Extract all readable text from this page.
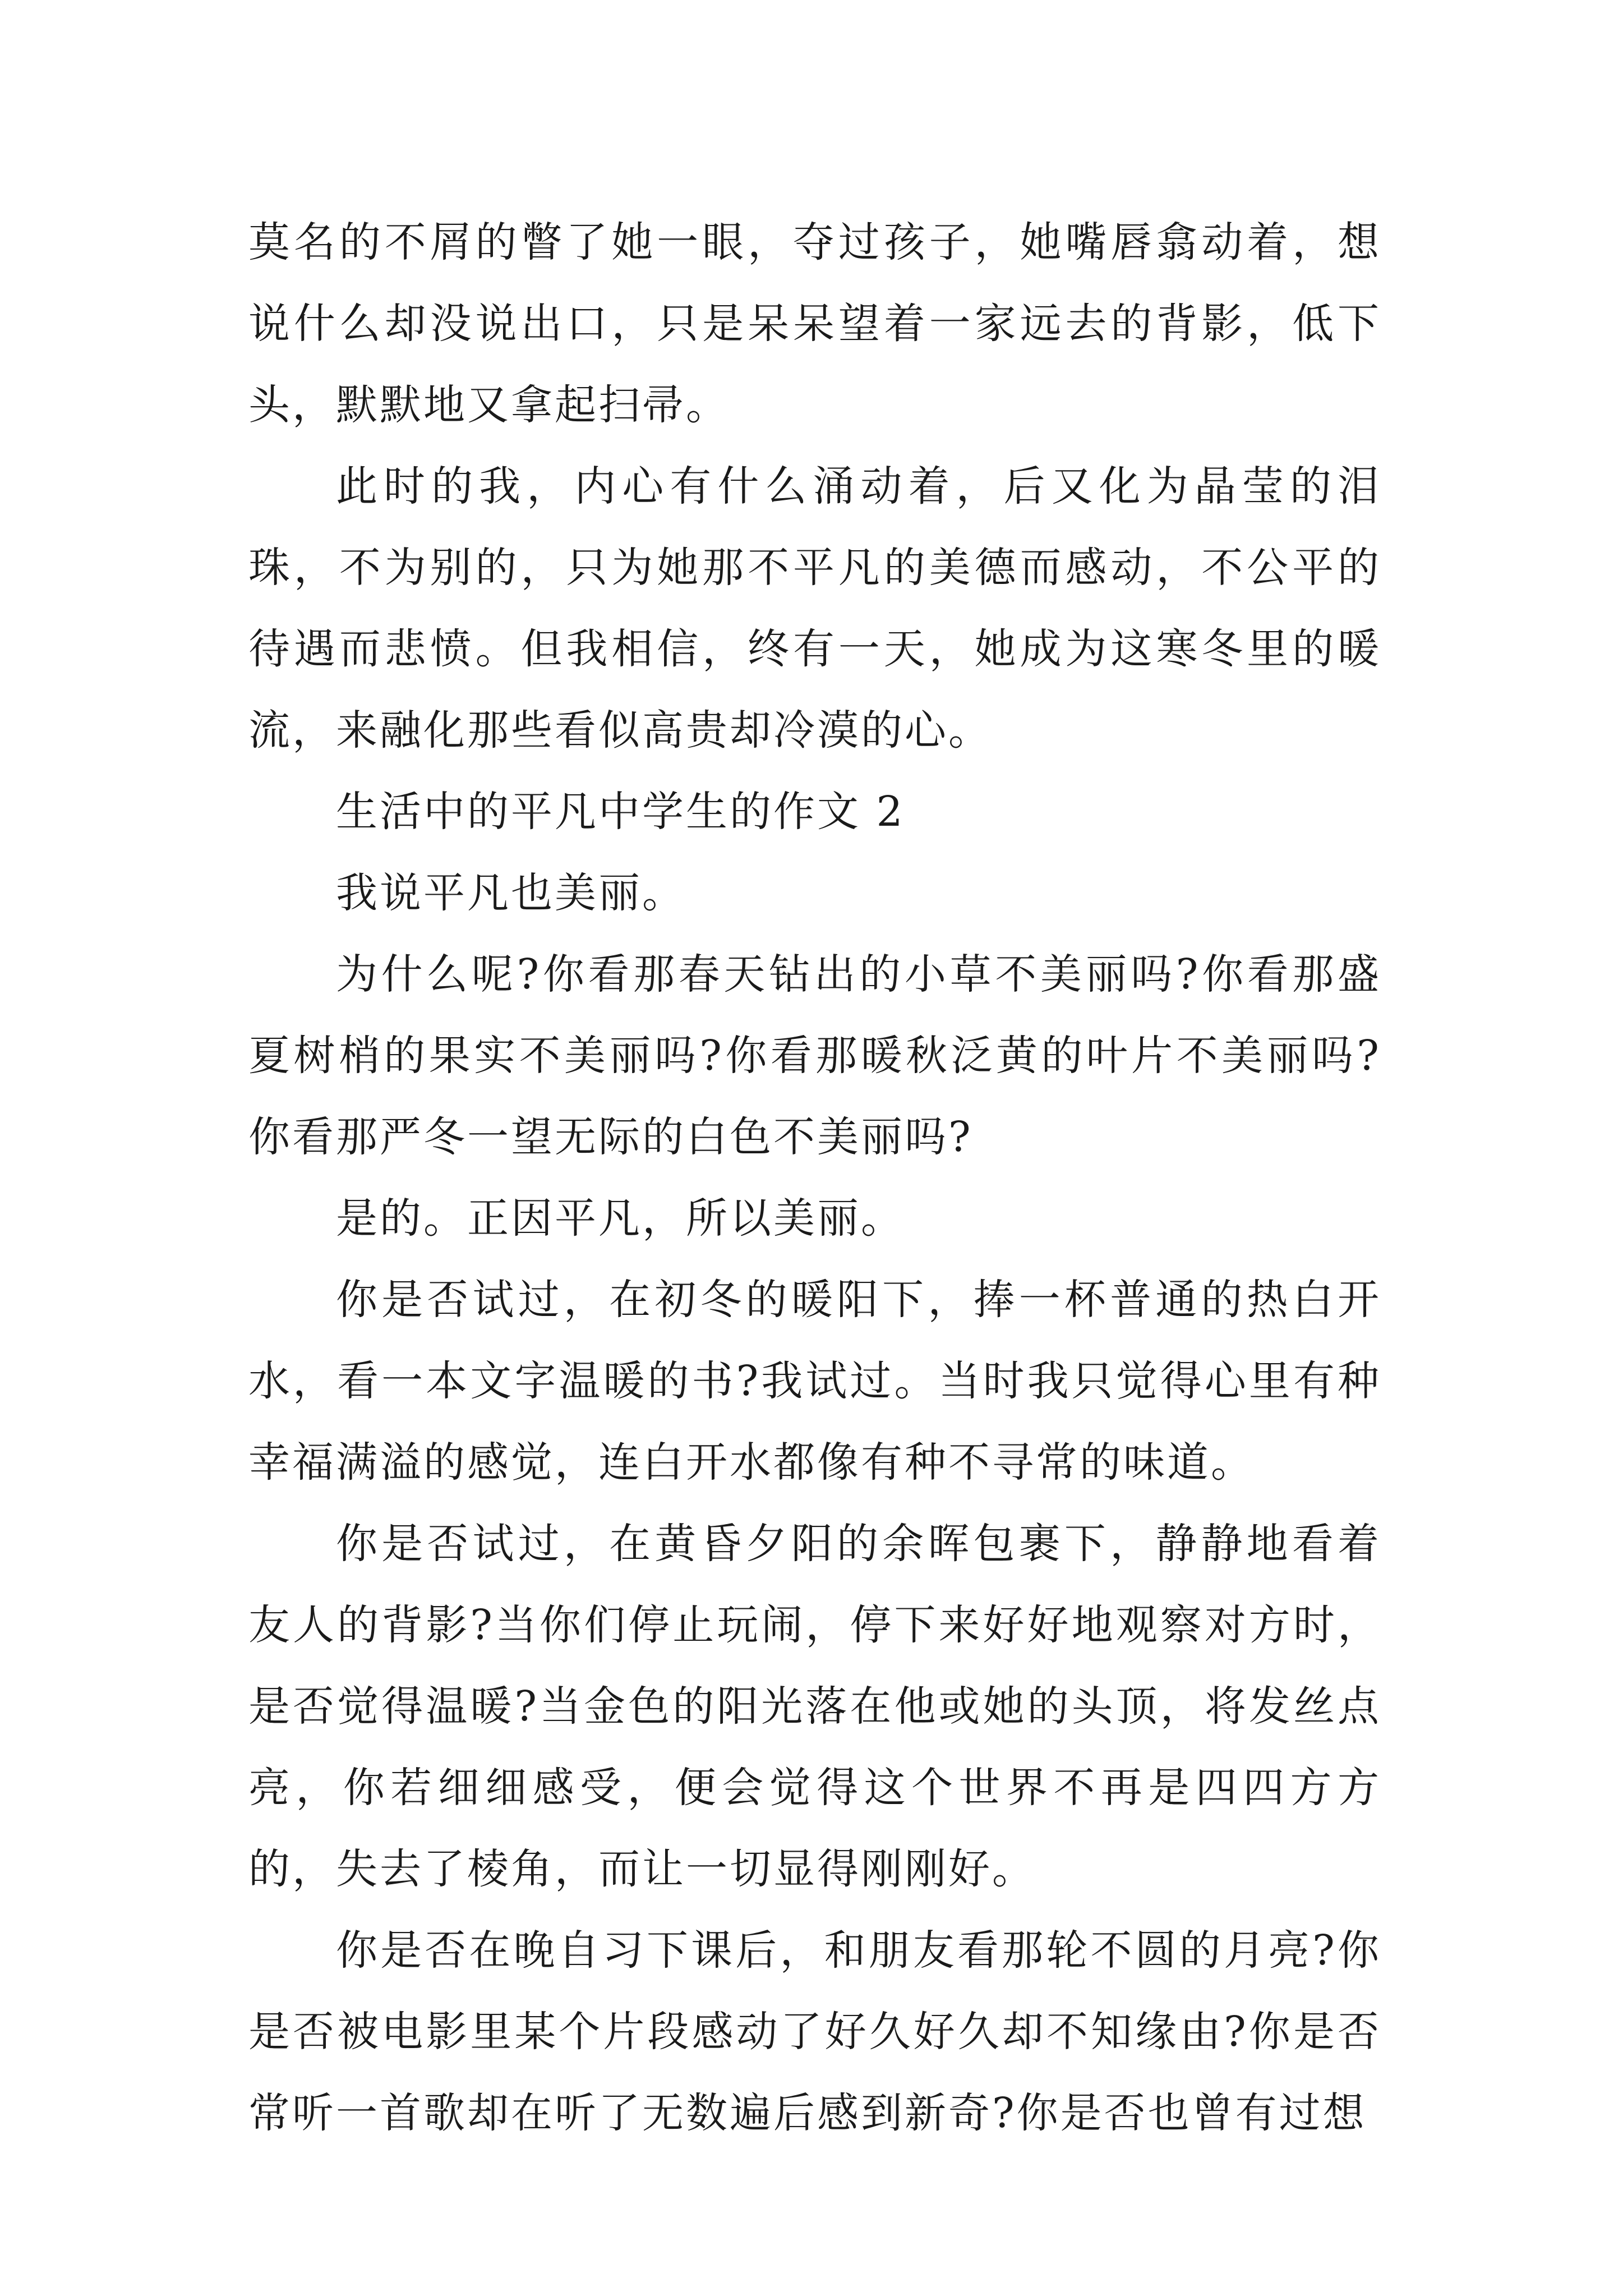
莫名的不屑的瞥了她一眼，夺过孩子，她嘴唇翕动着，想说什么却没说出口，只是呆呆望着一家远去的背影，低下头，默默地又拿起扫帚。

此时的我，内心有什么涌动着，后又化为晶莹的泪珠，不为别的，只为她那不平凡的美德而感动，不公平的待遇而悲愤。但我相信，终有一天，她成为这寒冬里的暖流，来融化那些看似高贵却冷漠的心。

生活中的平凡中学生的作文 2

我说平凡也美丽。

为什么呢?你看那春天钻出的小草不美丽吗?你看那盛夏树梢的果实不美丽吗?你看那暖秋泛黄的叶片不美丽吗?你看那严冬一望无际的白色不美丽吗?

是的。正因平凡，所以美丽。

你是否试过，在初冬的暖阳下，捧一杯普通的热白开水，看一本文字温暖的书?我试过。当时我只觉得心里有种幸福满溢的感觉，连白开水都像有种不寻常的味道。

你是否试过，在黄昏夕阳的余晖包裹下，静静地看着友人的背影?当你们停止玩闹，停下来好好地观察对方时，是否觉得温暖?当金色的阳光落在他或她的头顶，将发丝点亮，你若细细感受，便会觉得这个世界不再是四四方方的，失去了棱角，而让一切显得刚刚好。

你是否在晚自习下课后，和朋友看那轮不圆的月亮?你是否被电影里某个片段感动了好久好久却不知缘由?你是否常听一首歌却在听了无数遍后感到新奇?你是否也曾有过想
